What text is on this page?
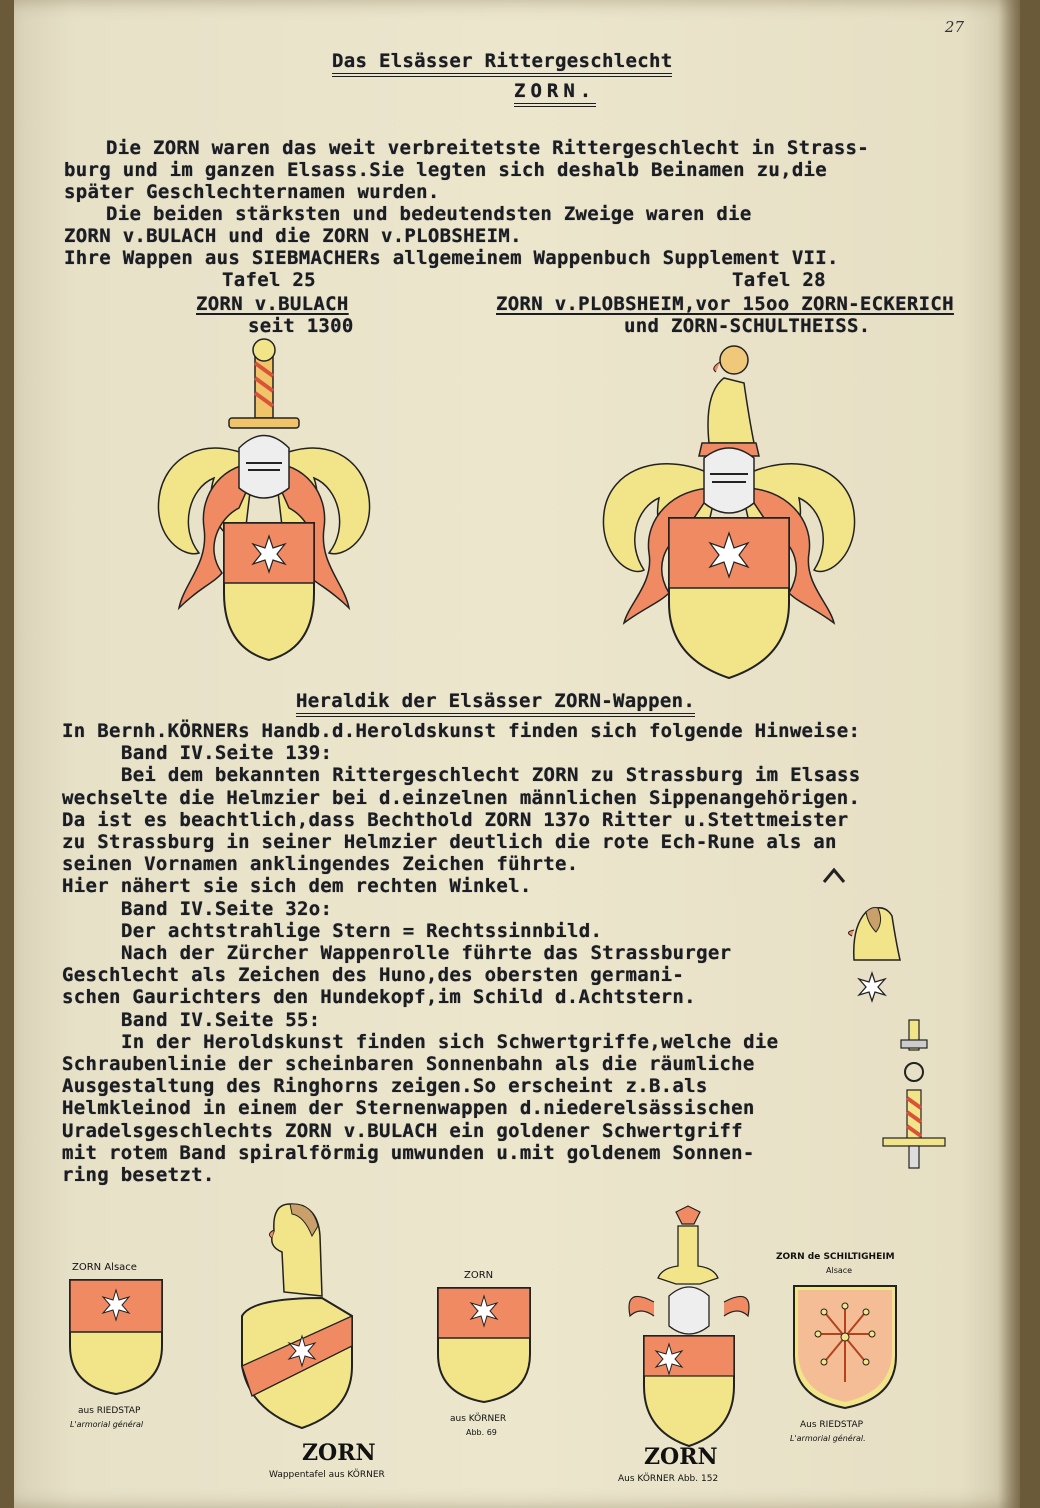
27
Das Elsässer Rittergeschlecht
ZORN.
Die ZORN waren das weit verbreitetste Rittergeschlecht in Strass-
burg und im ganzen Elsass.Sie legten sich deshalb Beinamen zu,die
später Geschlechternamen wurden.
Die beiden stärksten und bedeutendsten Zweige waren die
ZORN v.BULACH und die ZORN v.PLOBSHEIM.
Ihre Wappen aus SIEBMACHERs allgemeinem Wappenbuch Supplement VII.
Tafel 25
ZORN v.BULACH
seit 1300
Tafel 28
ZORN v.PLOBSHEIM,vor 15oo ZORN-ECKERICH
und ZORN-SCHULTHEISS.
Heraldik der Elsässer ZORN-Wappen.
In Bernh.KÖRNERs Handb.d.Heroldskunst finden sich folgende Hinweise:
Band IV.Seite 139:
Bei dem bekannten Rittergeschlecht ZORN zu Strassburg im Elsass
wechselte die Helmzier bei d.einzelnen männlichen Sippenangehörigen.
Da ist es beachtlich,dass Bechthold ZORN 137o Ritter u.Stettmeister
zu Strassburg in seiner Helmzier deutlich die rote Ech-Rune als an
seinen Vornamen anklingendes Zeichen führte.
Hier nähert sie sich dem rechten Winkel.
Band IV.Seite 32o:
Der achtstrahlige Stern = Rechtssinnbild.
Nach der Zürcher Wappenrolle führte das Strassburger
Geschlecht als Zeichen des Huno,des obersten germani-
schen Gaurichters den Hundekopf,im Schild d.Achtstern.
Band IV.Seite 55:
In der Heroldskunst finden sich Schwertgriffe,welche die
Schraubenlinie der scheinbaren Sonnenbahn als die räumliche
Ausgestaltung des Ringhorns zeigen.So erscheint z.B.als
Helmkleinod in einem der Sternenwappen d.niederelsässischen
Uradelsgeschlechts ZORN v.BULACH ein goldener Schwertgriff
mit rotem Band spiralförmig umwunden u.mit goldenem Sonnen-
ring besetzt.
ZORN Alsace
aus RIEDSTAP
L'armorial général
ZORN
Wappentafel aus KÖRNER
ZORN
aus KÖRNER
Abb. 69
ZORN
Aus KÖRNER Abb. 152
ZORN de SCHILTIGHEIM
Alsace
Aus RIEDSTAP
L'armorial général.
